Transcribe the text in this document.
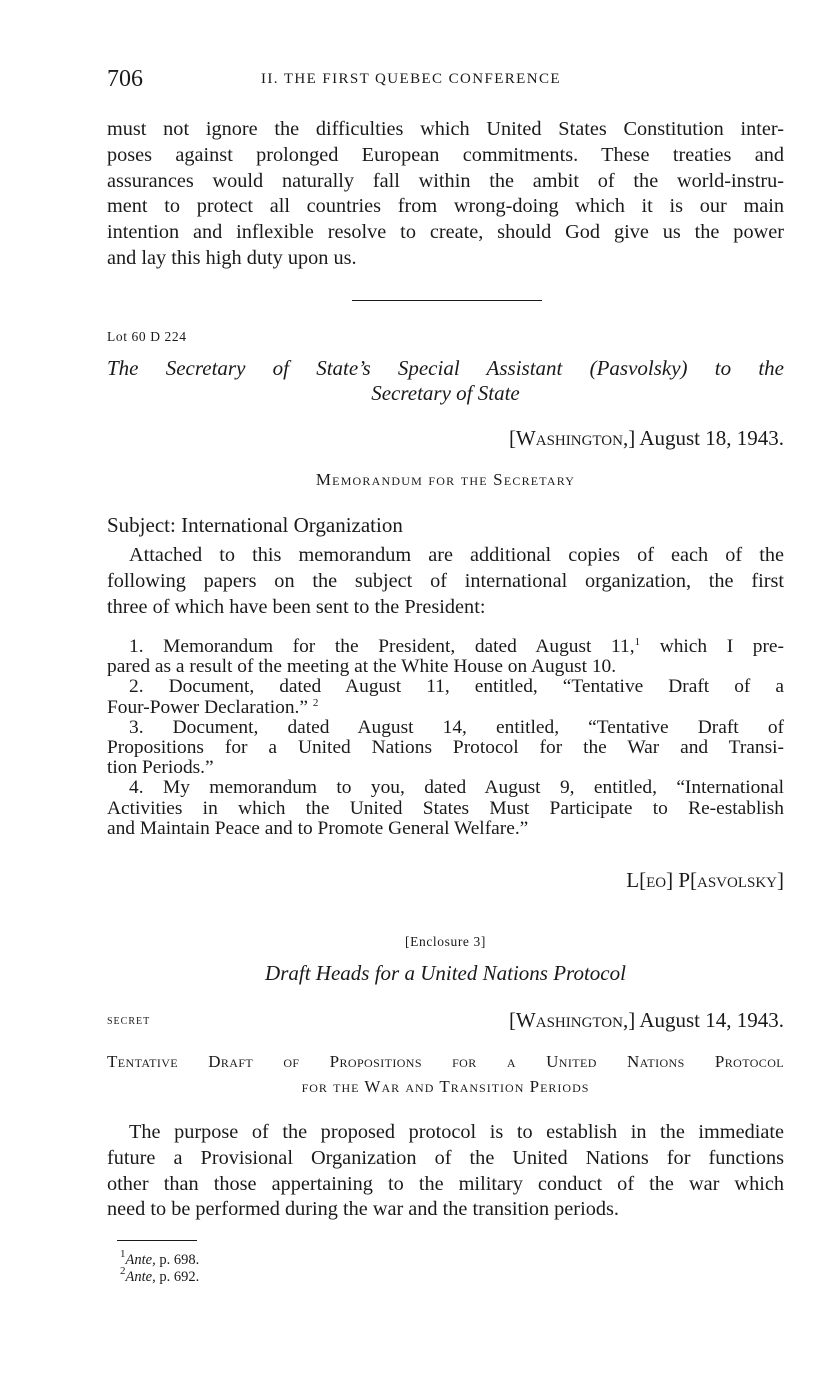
706	II. THE FIRST QUEBEC CONFERENCE

must not ignore the difficulties which United States Constitution inter-
poses against prolonged European commitments. These treaties and
assurances would naturally fall within the ambit of the world-instru-
ment to protect all countries from wrong-doing which it is our main
intention and inflexible resolve to create, should God give us the power
and lay this high duty upon us.

Lot 60 D 224
The Secretary of State’s Special Assistant (Pasvolsky) to the
Secretary of State
[Washington,] August 18, 1943.
Memorandum for the Secretary
Subject: International Organization

Attached to this memorandum are additional copies of each of the
following papers on the subject of international organization, the first
three of which have been sent to the President:

1. Memorandum for the President, dated August 11,$^1$ which I pre-
pared as a result of the meeting at the White House on August 10.
2. Document, dated August 11, entitled, “Tentative Draft of a
Four-Power Declaration.” $^2$
3. Document, dated August 14, entitled, “Tentative Draft of
Propositions for a United Nations Protocol for the War and Transi-
tion Periods.”
4. My memorandum to you, dated August 9, entitled, “International
Activities in which the United States Must Participate to Re-establish
and Maintain Peace and to Promote General Welfare.”
L[eo] P[asvolsky]
[Enclosure 3]
Draft Heads for a United Nations Protocol
secret	[Washington,] August 14, 1943.
Tentative Draft of Propositions for a United Nations Protocol
for the War and Transition Periods

The purpose of the proposed protocol is to establish in the immediate
future a Provisional Organization of the United Nations for functions
other than those appertaining to the military conduct of the war which
need to be performed during the war and the transition periods.

$^1$Ante, p. 698.
$^2$Ante, p. 692.
